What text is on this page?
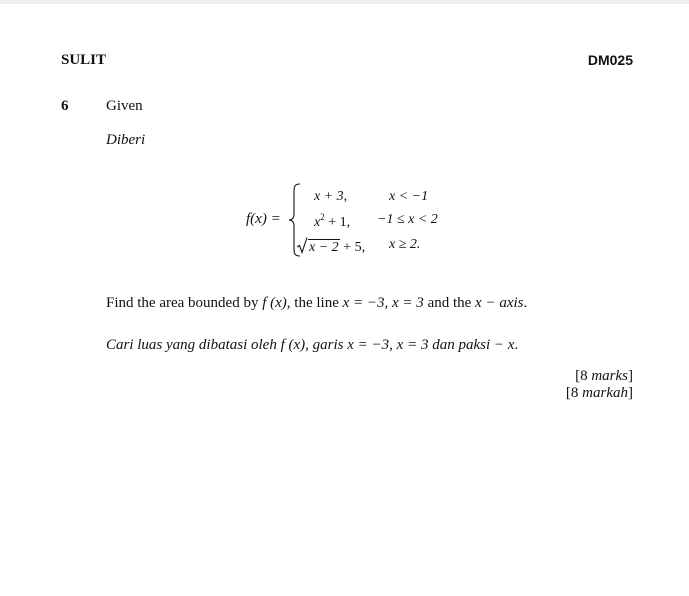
SULIT	DM025
6	Given
Diberi
f(x) =
x + 3,	x < −1
$x^2 + 1$, −1 ≤ x < 2
x − 2 + 5, x ≥ 2.
Find the area bounded by f (x), the line x = −3, x = 3 and the x − axis.
Cari luas yang dibatasi oleh f (x), garis x = −3, x = 3 dan paksi − x.
[8 marks]
[8 markah]
